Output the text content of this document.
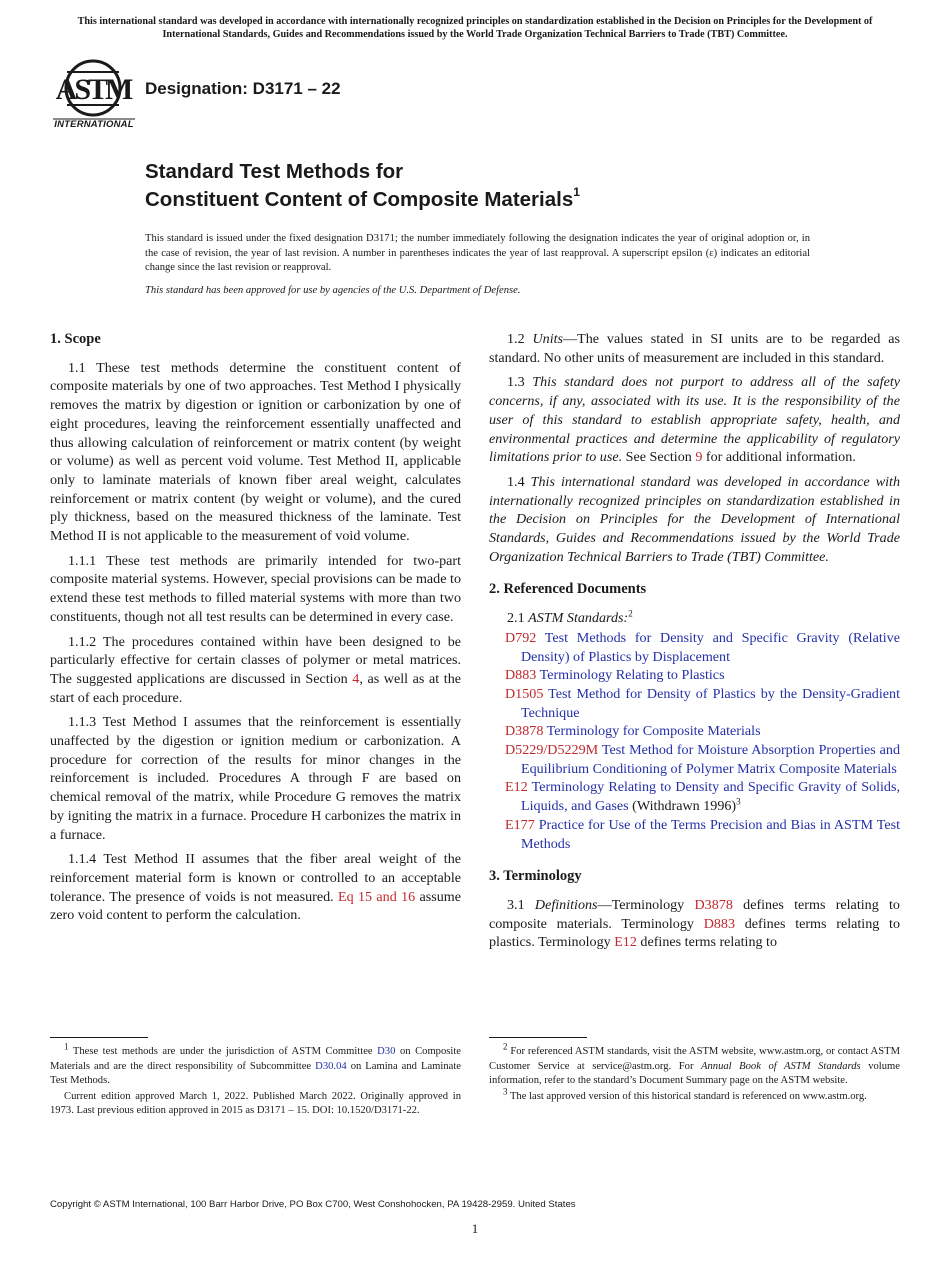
This international standard was developed in accordance with internationally recognized principles on standardization established in the Decision on Principles for the Development of International Standards, Guides and Recommendations issued by the World Trade Organization Technical Barriers to Trade (TBT) Committee.
ASTM
INTERNATIONAL
Designation: D3171 – 22
Standard Test Methods for
Constituent Content of Composite Materials$^1$
This standard is issued under the fixed designation D3171; the number immediately following the designation indicates the year of original adoption or, in the case of revision, the year of last revision. A number in parentheses indicates the year of last reapproval. A superscript epsilon (ε) indicates an editorial change since the last revision or reapproval.
This standard has been approved for use by agencies of the U.S. Department of Defense.
1. Scope

1.1 These test methods determine the constituent content of composite materials by one of two approaches. Test Method I physically removes the matrix by digestion or ignition or carbonization by one of eight procedures, leaving the reinforcement essentially unaffected and thus allowing calculation of reinforcement or matrix content (by weight or volume) as well as percent void volume. Test Method II, applicable only to laminate materials of known fiber areal weight, calculates reinforcement or matrix content (by weight or volume), and the cured ply thickness, based on the measured thickness of the laminate. Test Method II is not applicable to the measurement of void volume.

1.1.1 These test methods are primarily intended for two-part composite material systems. However, special provisions can be made to extend these test methods to filled material systems with more than two constituents, though not all test results can be determined in every case.

1.1.2 The procedures contained within have been designed to be particularly effective for certain classes of polymer or metal matrices. The suggested applications are discussed in Section 4, as well as at the start of each procedure.

1.1.3 Test Method I assumes that the reinforcement is essentially unaffected by the digestion or ignition medium or carbonization. A procedure for correction of the results for minor changes in the reinforcement is included. Procedures A through F are based on chemical removal of the matrix, while Procedure G removes the matrix by igniting the matrix in a furnace. Procedure H carbonizes the matrix in a furnace.

1.1.4 Test Method II assumes that the fiber areal weight of the reinforcement material form is known or controlled to an acceptable tolerance. The presence of voids is not measured. Eq 15 and 16 assume zero void content to perform the calculation.

1.2 Units—The values stated in SI units are to be regarded as standard. No other units of measurement are included in this standard.

1.3 This standard does not purport to address all of the safety concerns, if any, associated with its use. It is the responsibility of the user of this standard to establish appropriate safety, health, and environmental practices and determine the applicability of regulatory limitations prior to use. See Section 9 for additional information.

1.4 This international standard was developed in accordance with internationally recognized principles on standardization established in the Decision on Principles for the Development of International Standards, Guides and Recommendations issued by the World Trade Organization Technical Barriers to Trade (TBT) Committee.

2. Referenced Documents

2.1 ASTM Standards:$^2$

D792 Test Methods for Density and Specific Gravity (Relative Density) of Plastics by Displacement
D883 Terminology Relating to Plastics
D1505 Test Method for Density of Plastics by the Density-Gradient Technique
D3878 Terminology for Composite Materials
D5229/D5229M Test Method for Moisture Absorption Properties and Equilibrium Conditioning of Polymer Matrix Composite Materials
E12 Terminology Relating to Density and Specific Gravity of Solids, Liquids, and Gases (Withdrawn 1996)$^3$
E177 Practice for Use of the Terms Precision and Bias in ASTM Test Methods
3. Terminology

3.1 Definitions—Terminology D3878 defines terms relating to composite materials. Terminology D883 defines terms relating to plastics. Terminology E12 defines terms relating to

$^1$ These test methods are under the jurisdiction of ASTM Committee D30 on Composite Materials and are the direct responsibility of Subcommittee D30.04 on Lamina and Laminate Test Methods.

Current edition approved March 1, 2022. Published March 2022. Originally approved in 1973. Last previous edition approved in 2015 as D3171 – 15. DOI: 10.1520/D3171-22.

$^2$ For referenced ASTM standards, visit the ASTM website, www.astm.org, or contact ASTM Customer Service at service@astm.org. For Annual Book of ASTM Standards volume information, refer to the standard’s Document Summary page on the ASTM website.

$^3$ The last approved version of this historical standard is referenced on www.astm.org.

Copyright © ASTM International, 100 Barr Harbor Drive, PO Box C700, West Conshohocken, PA 19428-2959. United States
1
